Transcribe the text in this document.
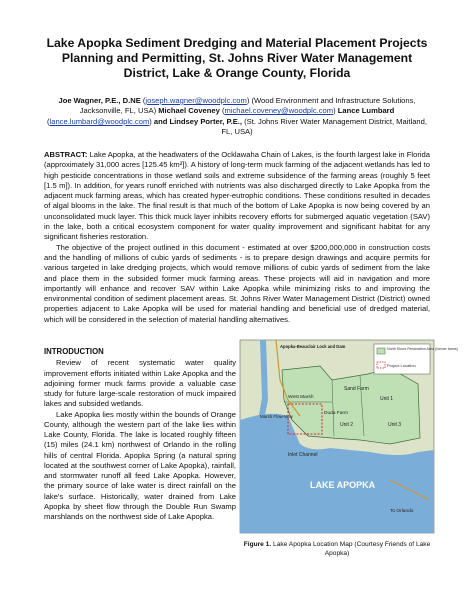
Lake Apopka Sediment Dredging and Material Placement Projects Planning and Permitting, St. Johns River Water Management District, Lake & Orange County, Florida
Joe Wagner, P.E., D.NE (joseph.wagner@woodplc.com) (Wood Environment and Infrastructure Solutions, Jacksonville, FL, USA) Michael Coveney (michael.coveney@woodplc.com) Lance Lumbard (lance.lumbard@woodplc.com) and Lindsey Porter, P.E., (St. Johns River Water Management District, Maitland, FL, USA)

ABSTRACT: Lake Apopka, at the headwaters of the Ocklawaha Chain of Lakes, is the fourth largest lake in Florida (approximately 31,000 acres [125.45 km²]). A history of long-term muck farming of the adjacent wetlands has led to high pesticide concentrations in those wetland soils and extreme subsidence of the farming areas (roughly 5 feet [1.5 m]). In addition, for years runoff enriched with nutrients was also discharged directly to Lake Apopka from the adjacent muck farming areas, which has created hyper-eutrophic conditions. These conditions resulted in decades of algal blooms in the lake. The final result is that much of the bottom of Lake Apopka is now being covered by an unconsolidated muck layer. This thick muck layer inhibits recovery efforts for submerged aquatic vegetation (SAV) in the lake, both a critical ecosystem component for water quality improvement and significant habitat for any significant fisheries restoration.

The objective of the project outlined in this document - estimated at over $200,000,000 in construction costs and the handling of millions of cubic yards of sediments - is to prepare design drawings and acquire permits for various targeted in lake dredging projects, which would remove millions of cubic yards of sediment from the lake and place them in the subsided former muck farming areas. These projects will aid in navigation and more importantly will enhance and recover SAV within Lake Apopka while minimizing risks to and improving the environmental condition of sediment placement areas. St. Johns River Water Management District (District) owned properties adjacent to Lake Apopka will be used for material handling and beneficial use of dredged material, which will be considered in the selection of material handling alternatives.

INTRODUCTION

Review of recent systematic water quality improvement efforts initiated within Lake Apopka and the adjoining former muck farms provide a valuable case study for future large-scale restoration of muck impaired lakes and subsided wetlands.

Lake Apopka lies mostly within the bounds of Orange County, although the western part of the lake lies within Lake County, Florida. The lake is located roughly fifteen (15) miles (24.1 km) northwest of Orlando in the rolling hills of central Florida. Apopka Spring (a natural spring located at the southwest corner of Lake Apopka), rainfall, and stormwater runoff all feed Lake Apopka. However, the primary source of lake water is direct rainfall on the lake's surface. Historically, water drained from Lake Apopka by sheet flow through the Double Run Swamp marshlands on the northwest side of Lake Apopka.

North Shore Restoration Area (former farms)
Project Location
Apopka-Beauclair Lock and Dam
Sand Farm
Unit 1
West Marsh
Duda Farm
Marsh Flow-Way
Unit 2	Unit 3
Inlet Channel
LAKE APOPKA
To Orlando
Figure 1. Lake Apopka Location Map (Courtesy Friends of Lake Apopka)
